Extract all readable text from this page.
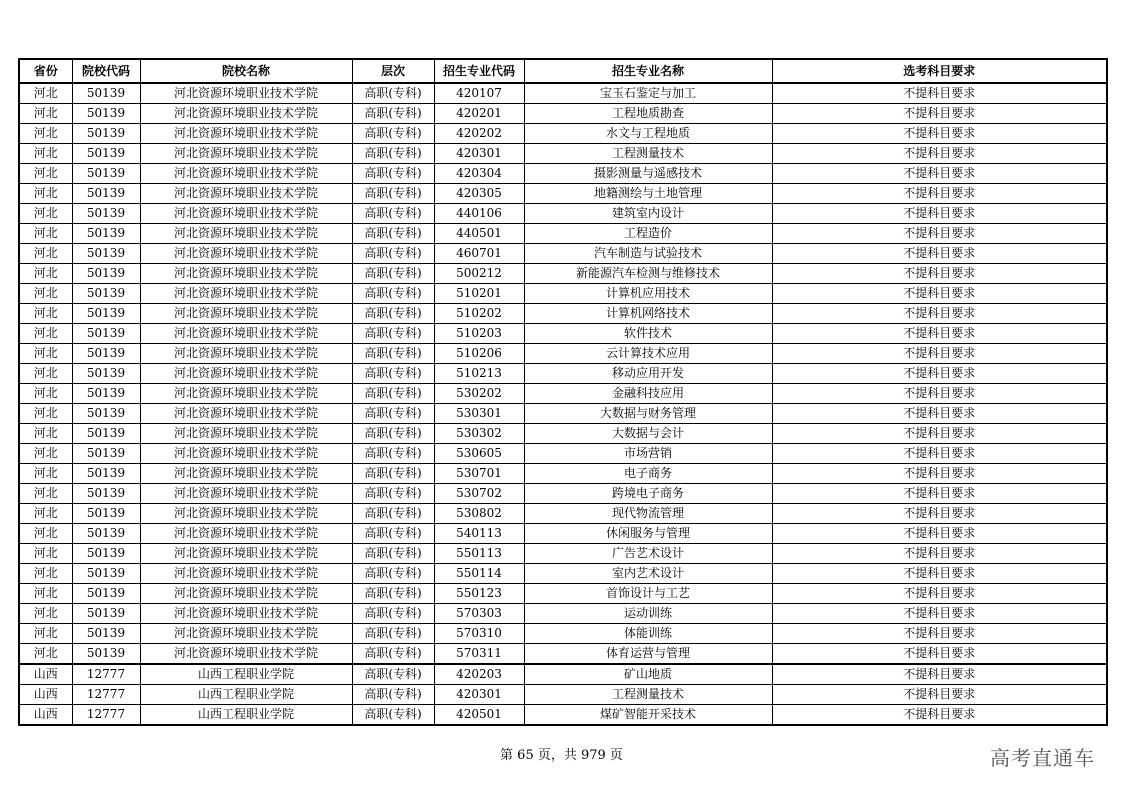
省份	院校代码	院校名称	层次	招生专业代码	招生专业名称	选考科目要求
河北	50139	河北资源环境职业技术学院	高职(专科)	420107	宝玉石鉴定与加工	不提科目要求
河北	50139	河北资源环境职业技术学院	高职(专科)	420201	工程地质勘查	不提科目要求
河北	50139	河北资源环境职业技术学院	高职(专科)	420202	水文与工程地质	不提科目要求
河北	50139	河北资源环境职业技术学院	高职(专科)	420301	工程测量技术	不提科目要求
河北	50139	河北资源环境职业技术学院	高职(专科)	420304	摄影测量与遥感技术	不提科目要求
河北	50139	河北资源环境职业技术学院	高职(专科)	420305	地籍测绘与土地管理	不提科目要求
河北	50139	河北资源环境职业技术学院	高职(专科)	440106	建筑室内设计	不提科目要求
河北	50139	河北资源环境职业技术学院	高职(专科)	440501	工程造价	不提科目要求
河北	50139	河北资源环境职业技术学院	高职(专科)	460701	汽车制造与试验技术	不提科目要求
河北	50139	河北资源环境职业技术学院	高职(专科)	500212	新能源汽车检测与维修技术	不提科目要求
河北	50139	河北资源环境职业技术学院	高职(专科)	510201	计算机应用技术	不提科目要求
河北	50139	河北资源环境职业技术学院	高职(专科)	510202	计算机网络技术	不提科目要求
河北	50139	河北资源环境职业技术学院	高职(专科)	510203	软件技术	不提科目要求
河北	50139	河北资源环境职业技术学院	高职(专科)	510206	云计算技术应用	不提科目要求
河北	50139	河北资源环境职业技术学院	高职(专科)	510213	移动应用开发	不提科目要求
河北	50139	河北资源环境职业技术学院	高职(专科)	530202	金融科技应用	不提科目要求
河北	50139	河北资源环境职业技术学院	高职(专科)	530301	大数据与财务管理	不提科目要求
河北	50139	河北资源环境职业技术学院	高职(专科)	530302	大数据与会计	不提科目要求
河北	50139	河北资源环境职业技术学院	高职(专科)	530605	市场营销	不提科目要求
河北	50139	河北资源环境职业技术学院	高职(专科)	530701	电子商务	不提科目要求
河北	50139	河北资源环境职业技术学院	高职(专科)	530702	跨境电子商务	不提科目要求
河北	50139	河北资源环境职业技术学院	高职(专科)	530802	现代物流管理	不提科目要求
河北	50139	河北资源环境职业技术学院	高职(专科)	540113	休闲服务与管理	不提科目要求
河北	50139	河北资源环境职业技术学院	高职(专科)	550113	广告艺术设计	不提科目要求
河北	50139	河北资源环境职业技术学院	高职(专科)	550114	室内艺术设计	不提科目要求
河北	50139	河北资源环境职业技术学院	高职(专科)	550123	首饰设计与工艺	不提科目要求
河北	50139	河北资源环境职业技术学院	高职(专科)	570303	运动训练	不提科目要求
河北	50139	河北资源环境职业技术学院	高职(专科)	570310	体能训练	不提科目要求
河北	50139	河北资源环境职业技术学院	高职(专科)	570311	体育运营与管理	不提科目要求
山西	12777	山西工程职业学院	高职(专科)	420203	矿山地质	不提科目要求
山西	12777	山西工程职业学院	高职(专科)	420301	工程测量技术	不提科目要求
山西	12777	山西工程职业学院	高职(专科)	420501	煤矿智能开采技术	不提科目要求
第 65 页，共 979 页	高考直通车
